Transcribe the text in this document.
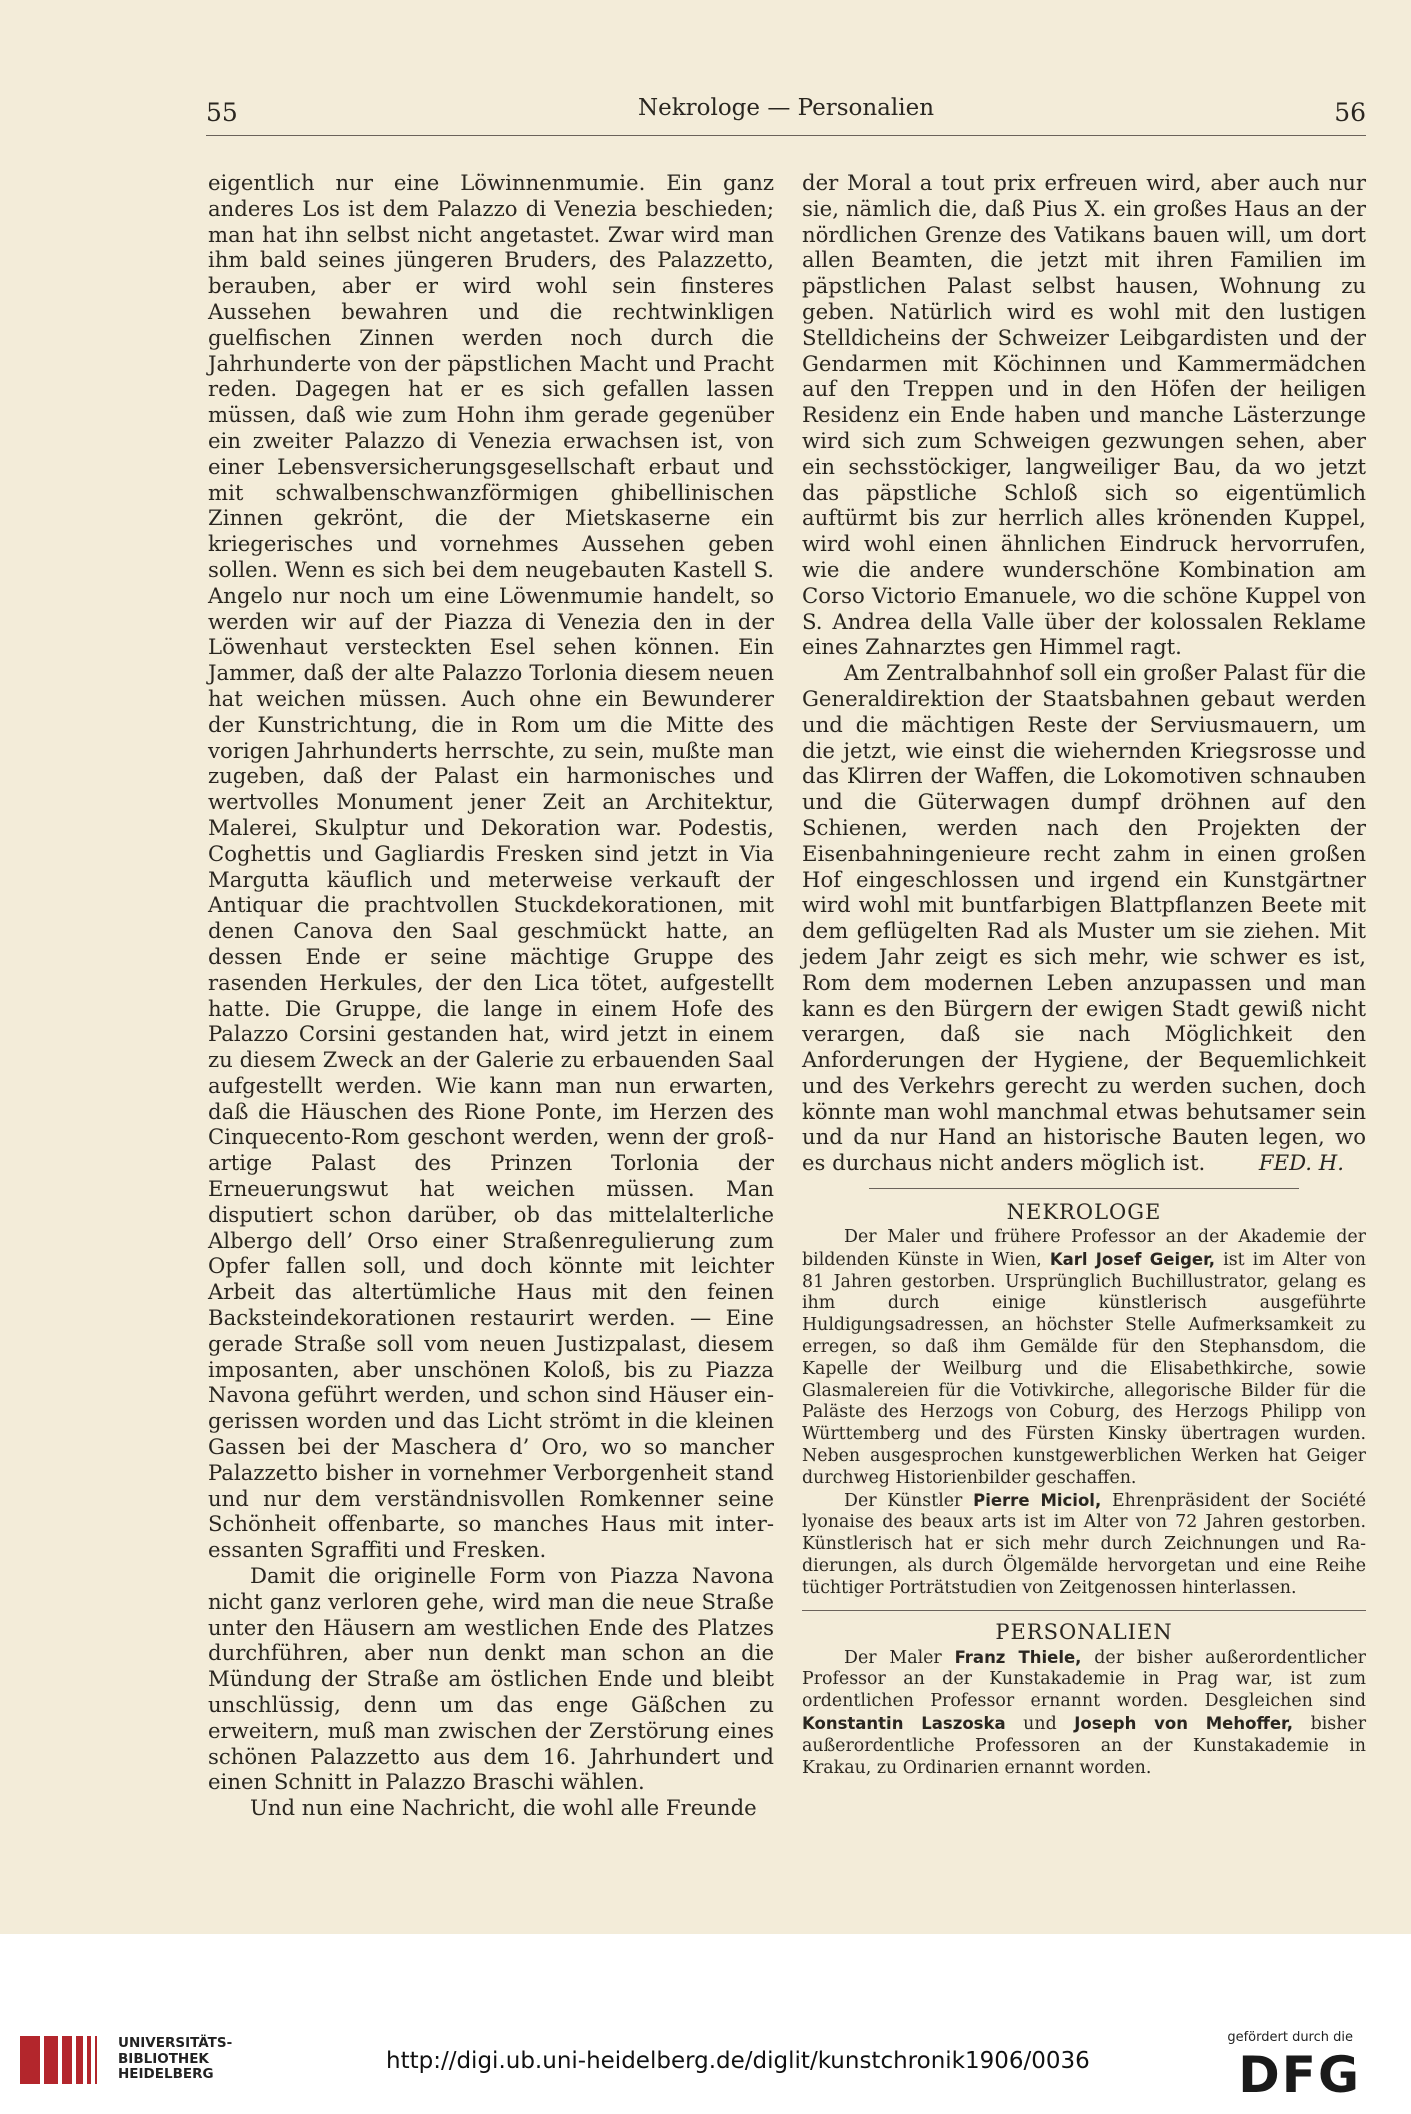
55	Nekrologe — Personalien	56

eigentlich nur eine Löwinnenmumie. Ein ganz anderes Los ist dem Palazzo di Venezia beschieden; man hat ihn selbst nicht angetastet. Zwar wird man ihm bald seines jüngeren Bruders, des Palazzetto, berauben, aber er wird wohl sein finsteres Aussehen bewahren und die rechtwinkligen guelfischen Zinnen werden noch durch die Jahrhunderte von der päpstlichen Macht und Pracht reden. Dagegen hat er es sich gefallen lassen müssen, daß wie zum Hohn ihm gerade gegenüber ein zweiter Palazzo di Venezia erwachsen ist, von einer Lebensversicherungsgesellschaft erbaut und mit schwalbenschwanzförmigen ghibellinischen Zinnen gekrönt, die der Mietskaserne ein kriegerisches und vornehmes Aussehen geben sollen. Wenn es sich bei dem neugebauten Kastell S. Angelo nur noch um eine Löwenmumie handelt, so werden wir auf der Piazza di Venezia den in der Löwenhaut versteckten Esel sehen können. Ein Jammer, daß der alte Palazzo Torlonia diesem neuen hat weichen müssen. Auch ohne ein Bewunderer der Kunstrichtung, die in Rom um die Mitte des vorigen Jahrhunderts herrschte, zu sein, mußte man zugeben, daß der Palast ein harmonisches und wertvolles Monument jener Zeit an Architektur, Malerei, Skulptur und Dekoration war. Podestis, Coghettis und Gagliardis Fresken sind jetzt in Via Margutta käuflich und meterweise verkauft der Antiquar die prachtvollen Stuckdekorationen, mit denen Canova den Saal geschmückt hatte, an dessen Ende er seine mächtige Gruppe des rasenden Herkules, der den Lica tötet, aufgestellt hatte. Die Gruppe, die lange in einem Hofe des Palazzo Corsini gestanden hat, wird jetzt in einem zu diesem Zweck an der Galerie zu erbauenden Saal aufgestellt werden. Wie kann man nun erwarten, daß die Häuschen des Rione Ponte, im Herzen des Cinquecento-Rom geschont werden, wenn der großartige Palast des Prinzen Torlonia der Erneuerungswut hat weichen müssen. Man disputiert schon darüber, ob das mittelalterliche Albergo dell’ Orso einer Straßenregulierung zum Opfer fallen soll, und doch könnte mit leichter Arbeit das altertümliche Haus mit den feinen Backsteindekorationen restaurirt werden. — Eine gerade Straße soll vom neuen Justizpalast, diesem imposanten, aber unschönen Koloß, bis zu Piazza Navona geführt werden, und schon sind Häuser eingerissen worden und das Licht strömt in die kleinen Gassen bei der Maschera d’ Oro, wo so mancher Palazzetto bisher in vornehmer Verborgenheit stand und nur dem verständnisvollen Romkenner seine Schönheit offenbarte, so manches Haus mit interessanten Sgraffiti und Fresken.

Damit die originelle Form von Piazza Navona nicht ganz verloren gehe, wird man die neue Straße unter den Häusern am westlichen Ende des Platzes durchführen, aber nun denkt man schon an die Mündung der Straße am östlichen Ende und bleibt unschlüssig, denn um das enge Gäßchen zu erweitern, muß man zwischen der Zerstörung eines schönen Palazzetto aus dem 16. Jahrhundert und einen Schnitt in Palazzo Braschi wählen.

Und nun eine Nachricht, die wohl alle Freunde

der Moral a tout prix erfreuen wird, aber auch nur sie, nämlich die, daß Pius X. ein großes Haus an der nördlichen Grenze des Vatikans bauen will, um dort allen Beamten, die jetzt mit ihren Familien im päpstlichen Palast selbst hausen, Wohnung zu geben. Natürlich wird es wohl mit den lustigen Stelldicheins der Schweizer Leibgardisten und der Gendarmen mit Köchinnen und Kammermädchen auf den Treppen und in den Höfen der heiligen Residenz ein Ende haben und manche Lästerzunge wird sich zum Schweigen gezwungen sehen, aber ein sechsstöckiger, langweiliger Bau, da wo jetzt das päpstliche Schloß sich so eigentümlich auftürmt bis zur herrlich alles krönenden Kuppel, wird wohl einen ähnlichen Eindruck hervorrufen, wie die andere wunderschöne Kombination am Corso Victorio Emanuele, wo die schöne Kuppel von S. Andrea della Valle über der kolossalen Reklame eines Zahnarztes gen Himmel ragt.

Am Zentralbahnhof soll ein großer Palast für die Generaldirektion der Staatsbahnen gebaut werden und die mächtigen Reste der Serviusmauern, um die jetzt, wie einst die wiehernden Kriegsrosse und das Klirren der Waffen, die Lokomotiven schnauben und die Güterwagen dumpf dröhnen auf den Schienen, werden nach den Projekten der Eisenbahningenieure recht zahm in einen großen Hof eingeschlossen und irgend ein Kunstgärtner wird wohl mit buntfarbigen Blattpflanzen Beete mit dem geflügelten Rad als Muster um sie ziehen. Mit jedem Jahr zeigt es sich mehr, wie schwer es ist, Rom dem modernen Leben anzupassen und man kann es den Bürgern der ewigen Stadt gewiß nicht verargen, daß sie nach Möglichkeit den Anforderungen der Hygiene, der Bequemlichkeit und des Verkehrs gerecht zu werden suchen, doch könnte man wohl manchmal etwas behutsamer sein und da nur Hand an historische Bauten legen, wo es durchaus nicht anders möglich ist.	FED. H.

NEKROLOGE

Der Maler und frühere Professor an der Akademie der bildenden Künste in Wien, Karl Josef Geiger, ist im Alter von 81 Jahren gestorben. Ursprünglich Buchillustrator, gelang es ihm durch einige künstlerisch ausgeführte Huldigungsadressen, an höchster Stelle Aufmerksamkeit zu erregen, so daß ihm Gemälde für den Stephansdom, die Kapelle der Weilburg und die Elisabethkirche, sowie Glasmalereien für die Votivkirche, allegorische Bilder für die Paläste des Herzogs von Coburg, des Herzogs Philipp von Württemberg und des Fürsten Kinsky übertragen wurden. Neben ausgesprochen kunstgewerblichen Werken hat Geiger durchweg Historienbilder geschaffen.

Der Künstler Pierre Miciol, Ehrenpräsident der Société lyonaise des beaux arts ist im Alter von 72 Jahren gestorben. Künstlerisch hat er sich mehr durch Zeichnungen und Radierungen, als durch Ölgemälde hervorgetan und eine Reihe tüchtiger Porträtstudien von Zeitgenossen hinterlassen.

PERSONALIEN

Der Maler Franz Thiele, der bisher außerordentlicher Professor an der Kunstakademie in Prag war, ist zum ordentlichen Professor ernannt worden. Desgleichen sind Konstantin Laszoska und Joseph von Mehoffer, bisher außerordentliche Professoren an der Kunstakademie in Krakau, zu Ordinarien ernannt worden.

UNIVERSITÄTS-
BIBLIOTHEK
HEIDELBERG	http://digi.ub.uni-heidelberg.de/diglit/kunstchronik1906/0036
gefördert durch die
DFG
